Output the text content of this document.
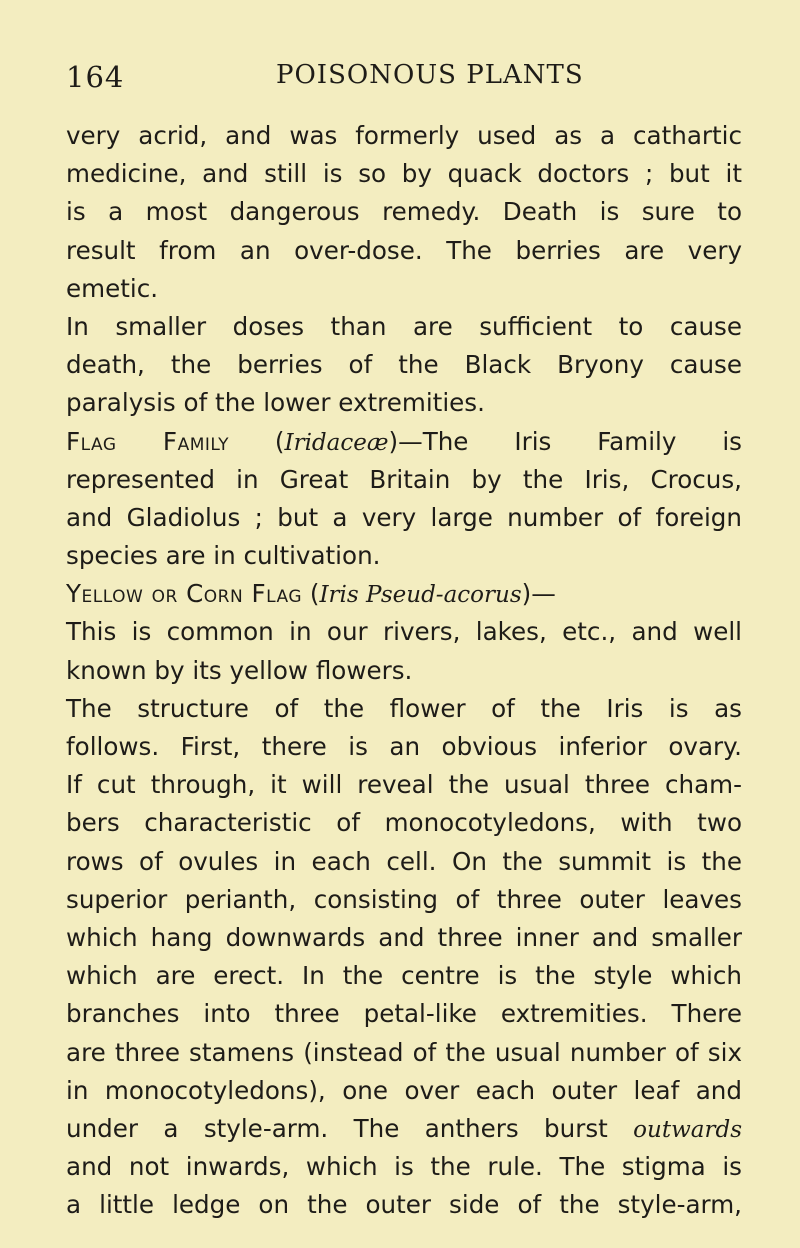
164	POISONOUS PLANTS
very acrid, and was formerly used as a cathartic
medicine, and still is so by quack doctors ; but it
is a most dangerous remedy. Death is sure to
result from an over-dose. The berries are very
emetic.
In smaller doses than are sufficient to cause
death, the berries of the Black Bryony cause
paralysis of the lower extremities.
Flag Family (Iridaceæ)—The Iris Family is
represented in Great Britain by the Iris, Crocus,
and Gladiolus ; but a very large number of foreign
species are in cultivation.
Yellow or Corn Flag (Iris Pseud-acorus)—
This is common in our rivers, lakes, etc., and well
known by its yellow flowers.
The structure of the flower of the Iris is as
follows. First, there is an obvious inferior ovary.
If cut through, it will reveal the usual three cham-
bers characteristic of monocotyledons, with two
rows of ovules in each cell. On the summit is the
superior perianth, consisting of three outer leaves
which hang downwards and three inner and smaller
which are erect. In the centre is the style which
branches into three petal-like extremities. There
are three stamens (instead of the usual number of six
in monocotyledons), one over each outer leaf and
under a style-arm. The anthers burst outwards
and not inwards, which is the rule. The stigma is
a little ledge on the outer side of the style-arm,
